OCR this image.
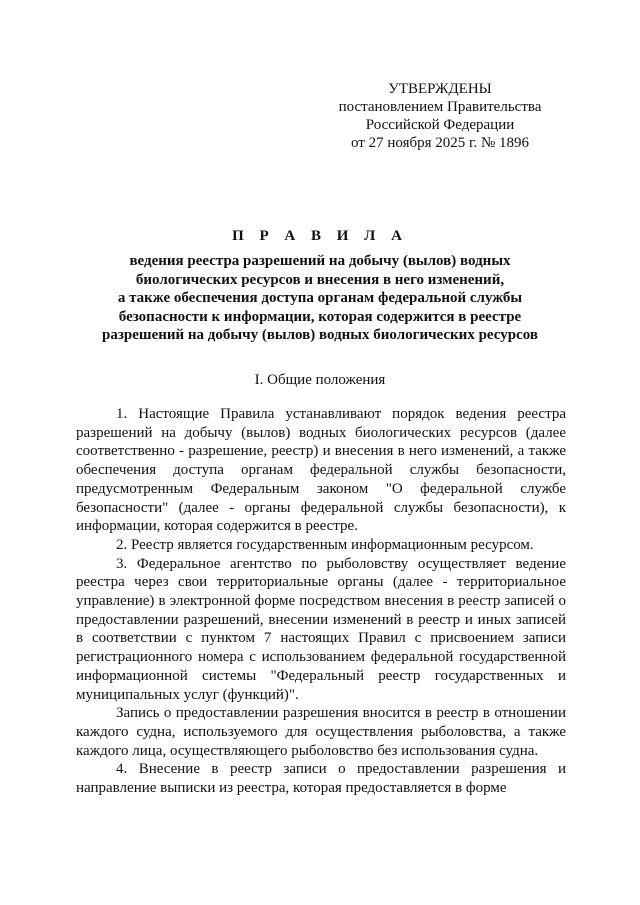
УТВЕРЖДЕНЫ
постановлением Правительства
Российской Федерации
от 27 ноября 2025 г. № 1896
П Р А В И Л А
ведения реестра разрешений на добычу (вылов) водных
биологических ресурсов и внесения в него изменений,
а также обеспечения доступа органам федеральной службы
безопасности к информации, которая содержится в реестре
разрешений на добычу (вылов) водных биологических ресурсов
I. Общие положения

1. Настоящие Правила устанавливают порядок ведения реестра разрешений на добычу (вылов) водных биологических ресурсов (далее соответственно - разрешение, реестр) и внесения в него изменений, а также обеспечения доступа органам федеральной службы безопасности, предусмотренным Федеральным законом "О федеральной службе безопасности" (далее - органы федеральной службы безопасности), к информации, которая содержится в реестре.

2. Реестр является государственным информационным ресурсом.

3. Федеральное агентство по рыболовству осуществляет ведение реестра через свои территориальные органы (далее - территориальное управление) в электронной форме посредством внесения в реестр записей о предоставлении разрешений, внесении изменений в реестр и иных записей в соответствии с пунктом 7 настоящих Правил с присвоением записи регистрационного номера с использованием федеральной государственной информационной системы "Федеральный реестр государственных и муниципальных услуг (функций)".

Запись о предоставлении разрешения вносится в реестр в отношении каждого судна, используемого для осуществления рыболовства, а также каждого лица, осуществляющего рыболовство без использования судна.

4. Внесение в реестр записи о предоставлении разрешения и направление выписки из реестра, которая предоставляется в форме
